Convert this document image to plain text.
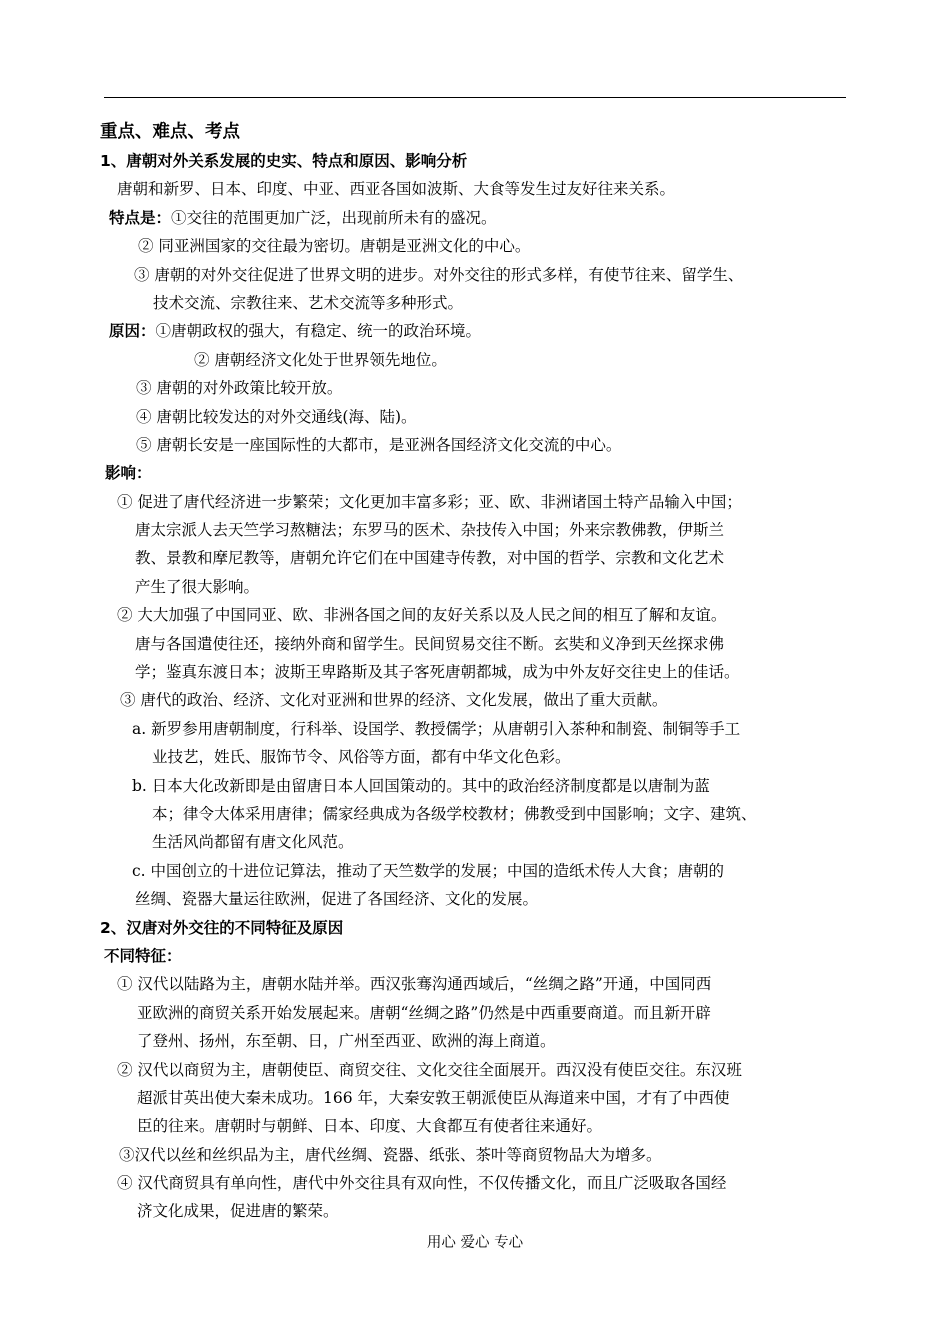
重点、难点、考点
1、唐朝对外关系发展的史实、特点和原因、影响分析
唐朝和新罗、日本、印度、中亚、西亚各国如波斯、大食等发生过友好往来关系。
特点是：①交往的范围更加广泛，出现前所未有的盛况。
② 同亚洲国家的交往最为密切。唐朝是亚洲文化的中心。
③ 唐朝的对外交往促进了世界文明的进步。对外交往的形式多样，有使节往来、留学生、
技术交流、宗教往来、艺术交流等多种形式。
原因：①唐朝政权的强大，有稳定、统一的政治环境。
② 唐朝经济文化处于世界领先地位。
③ 唐朝的对外政策比较开放。
④ 唐朝比较发达的对外交通线(海、陆)。
⑤ 唐朝长安是一座国际性的大都市，是亚洲各国经济文化交流的中心。
影响：
① 促进了唐代经济进一步繁荣；文化更加丰富多彩；亚、欧、非洲诸国土特产品输入中国；
唐太宗派人去天竺学习熬糖法；东罗马的医术、杂技传入中国；外来宗教佛教，伊斯兰
教、景教和摩尼教等，唐朝允许它们在中国建寺传教，对中国的哲学、宗教和文化艺术
产生了很大影响。
② 大大加强了中国同亚、欧、非洲各国之间的友好关系以及人民之间的相互了解和友谊。
唐与各国遣使往还，接纳外商和留学生。民间贸易交往不断。玄奘和义净到天丝探求佛
学；鉴真东渡日本；波斯王卑路斯及其子客死唐朝都城，成为中外友好交往史上的佳话。
③ 唐代的政治、经济、文化对亚洲和世界的经济、文化发展，做出了重大贡献。
a. 新罗参用唐朝制度，行科举、设国学、教授儒学；从唐朝引入茶种和制瓷、制铜等手工
业技艺，姓氏、服饰节令、风俗等方面，都有中华文化色彩。
b. 日本大化改新即是由留唐日本人回国策动的。其中的政治经济制度都是以唐制为蓝
本；律令大体采用唐律；儒家经典成为各级学校教材；佛教受到中国影响；文字、建筑、
生活风尚都留有唐文化风范。
c. 中国创立的十进位记算法，推动了天竺数学的发展；中国的造纸术传人大食；唐朝的
丝绸、瓷器大量运往欧洲，促进了各国经济、文化的发展。
2、汉唐对外交往的不同特征及原因
不同特征：
① 汉代以陆路为主，唐朝水陆并举。西汉张骞沟通西域后，“丝绸之路”开通，中国同西
亚欧洲的商贸关系开始发展起来。唐朝“丝绸之路”仍然是中西重要商道。而且新开辟
了登州、扬州，东至朝、日，广州至西亚、欧洲的海上商道。
② 汉代以商贸为主，唐朝使臣、商贸交往、文化交往全面展开。西汉没有使臣交往。东汉班
超派甘英出使大秦未成功。166 年，大秦安敦王朝派使臣从海道来中国，才有了中西使
臣的往来。唐朝时与朝鲜、日本、印度、大食都互有使者往来通好。
③汉代以丝和丝织品为主，唐代丝绸、瓷器、纸张、茶叶等商贸物品大为增多。
④ 汉代商贸具有单向性，唐代中外交往具有双向性，不仅传播文化，而且广泛吸取各国经
济文化成果，促进唐的繁荣。
用心 爱心 专心
